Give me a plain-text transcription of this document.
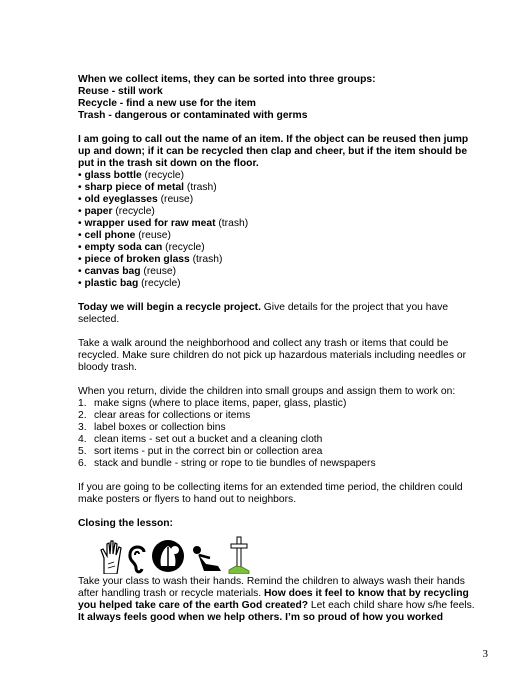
When we collect items, they can be sorted into three groups:

Reuse - still work

Recycle - find a new use for the item

Trash - dangerous or contaminated with germs

I am going to call out the name of an item. If the object can be reused then jump up and down; if it can be recycled then clap and cheer, but if the item should be put in the trash sit down on the floor.

• glass bottle (recycle)
• sharp piece of metal (trash)
• old eyeglasses (reuse)
• paper (recycle)
• wrapper used for raw meat (trash)
• cell phone (reuse)
• empty soda can (recycle)
• piece of broken glass (trash)
• canvas bag (reuse)
• plastic bag (recycle)

Today we will begin a recycle project. Give details for the project that you have selected.

Take a walk around the neighborhood and collect any trash or items that could be recycled. Make sure children do not pick up hazardous materials including needles or bloody trash.

When you return, divide the children into small groups and assign them to work on:

1. make signs (where to place items, paper, glass, plastic)
2. clear areas for collections or items
3. label boxes or collection bins
4. clean items - set out a bucket and a cleaning cloth
5. sort items - put in the correct bin or collection area
6. stack and bundle - string or rope to tie bundles of newspapers

If you are going to be collecting items for an extended time period, the children could make posters or flyers to hand out to neighbors.

Closing the lesson:

Take your class to wash their hands. Remind the children to always wash their hands after handling trash or recycle materials. How does it feel to know that by recycling you helped take care of the earth God created? Let each child share how s/he feels. It always feels good when we help others. I’m so proud of how you worked

3
